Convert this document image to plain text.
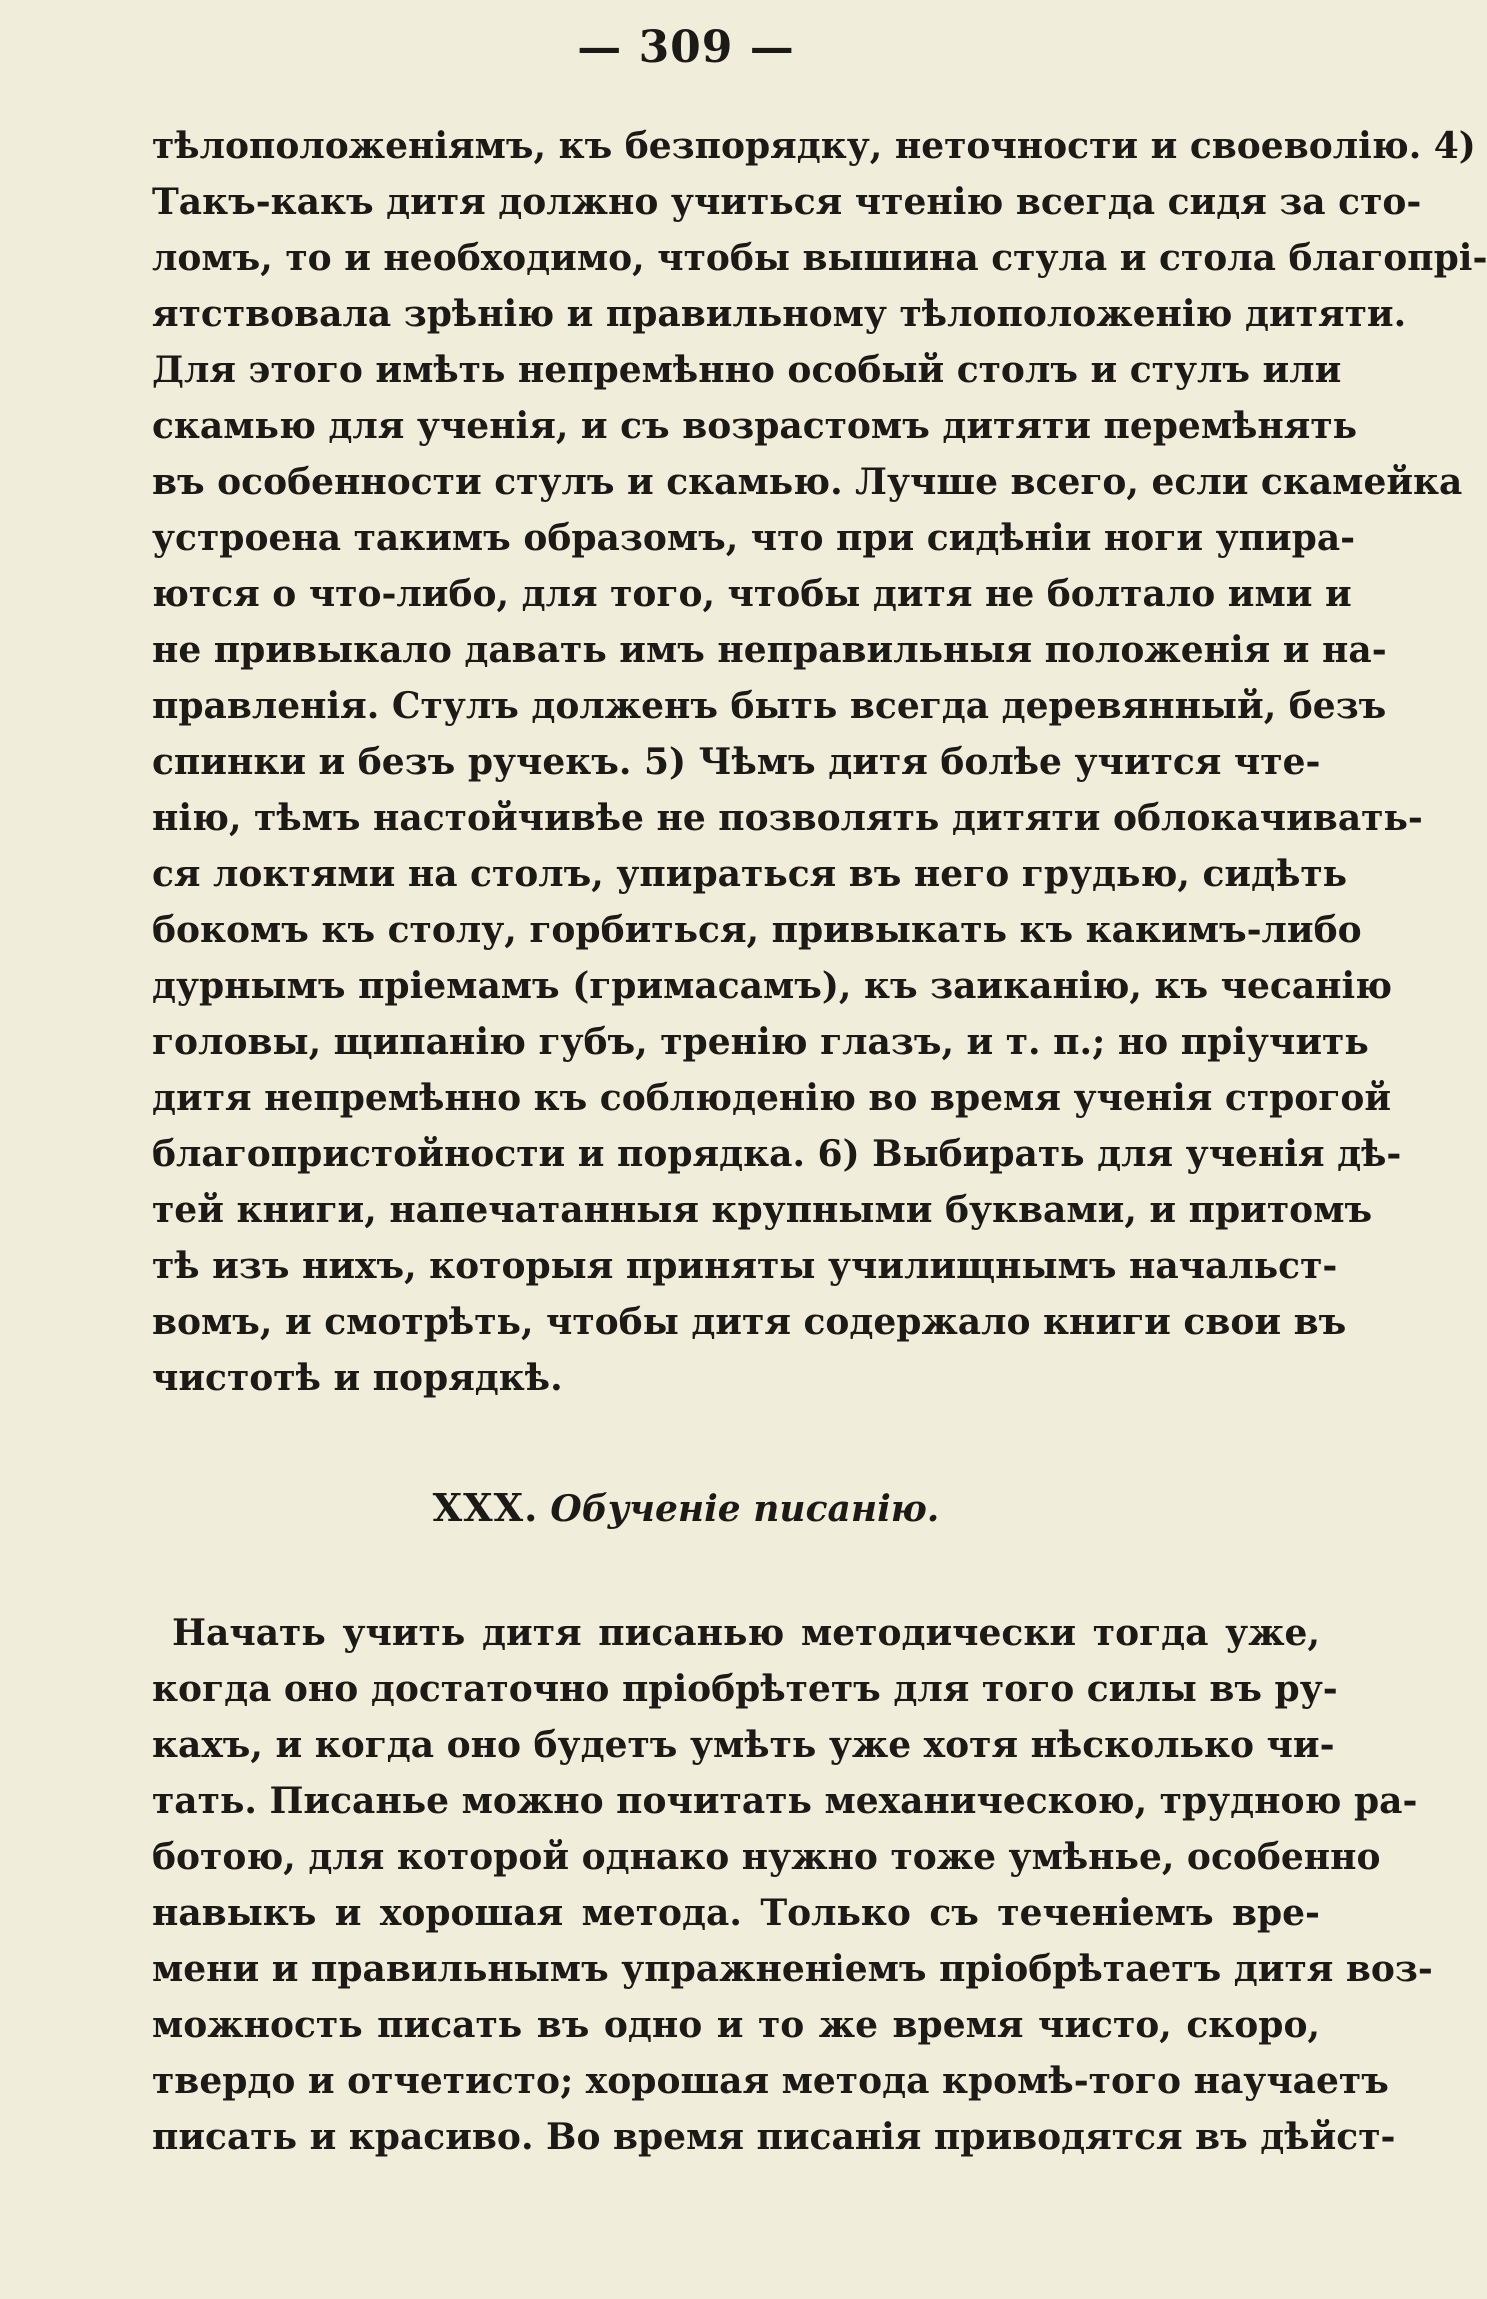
— 309 —
тѣлоположеніямъ, къ безпорядку, неточности и своеволію. 4)
Такъ-какъ дитя должно учиться чтенію всегда сидя за сто-
ломъ, то и необходимо, чтобы вышина стула и стола благопрі-
ятствовала зрѣнію и правильному тѣлоположенію дитяти.
Для этого имѣть непремѣнно особый столъ и стулъ или
скамью для ученія, и съ возрастомъ дитяти перемѣнять
въ особенности стулъ и скамью. Лучше всего, если скамейка
устроена такимъ образомъ, что при сидѣніи ноги упира-
ются о что-либо, для того, чтобы дитя не болтало ими и
не привыкало давать имъ неправильныя положенія и на-
правленія. Стулъ долженъ быть всегда деревянный, безъ
спинки и безъ ручекъ. 5) Чѣмъ дитя болѣе учится чте-
нію, тѣмъ настойчивѣе не позволять дитяти облокачивать-
ся локтями на столъ, упираться въ него грудью, сидѣть
бокомъ къ столу, горбиться, привыкать къ какимъ-либо
дурнымъ пріемамъ (гримасамъ), къ заиканію, къ чесанію
головы, щипанію губъ, тренію глазъ, и т. п.; но пріучить
дитя непремѣнно къ соблюденію во время ученія строгой
благопристойности и порядка. 6) Выбирать для ученія дѣ-
тей книги, напечатанныя крупными буквами, и притомъ
тѣ изъ нихъ, которыя приняты училищнымъ начальст-
вомъ, и смотрѣть, чтобы дитя содержало книги свои въ
чистотѣ и порядкѣ.
XXX. Обученіе писанію.
Начать учить дитя писанью методически тогда уже,
когда оно достаточно пріобрѣтетъ для того силы въ ру-
кахъ, и когда оно будетъ умѣть уже хотя нѣсколько чи-
тать. Писанье можно почитать механическою, трудною ра-
ботою, для которой однако нужно тоже умѣнье, особенно
навыкъ и хорошая метода. Только съ теченіемъ вре-
мени и правильнымъ упражненіемъ пріобрѣтаетъ дитя воз-
можность писать въ одно и то же время чисто, скоро,
твердо и отчетисто; хорошая метода кромѣ-того научаетъ
писать и красиво. Во время писанія приводятся въ дѣйст-
